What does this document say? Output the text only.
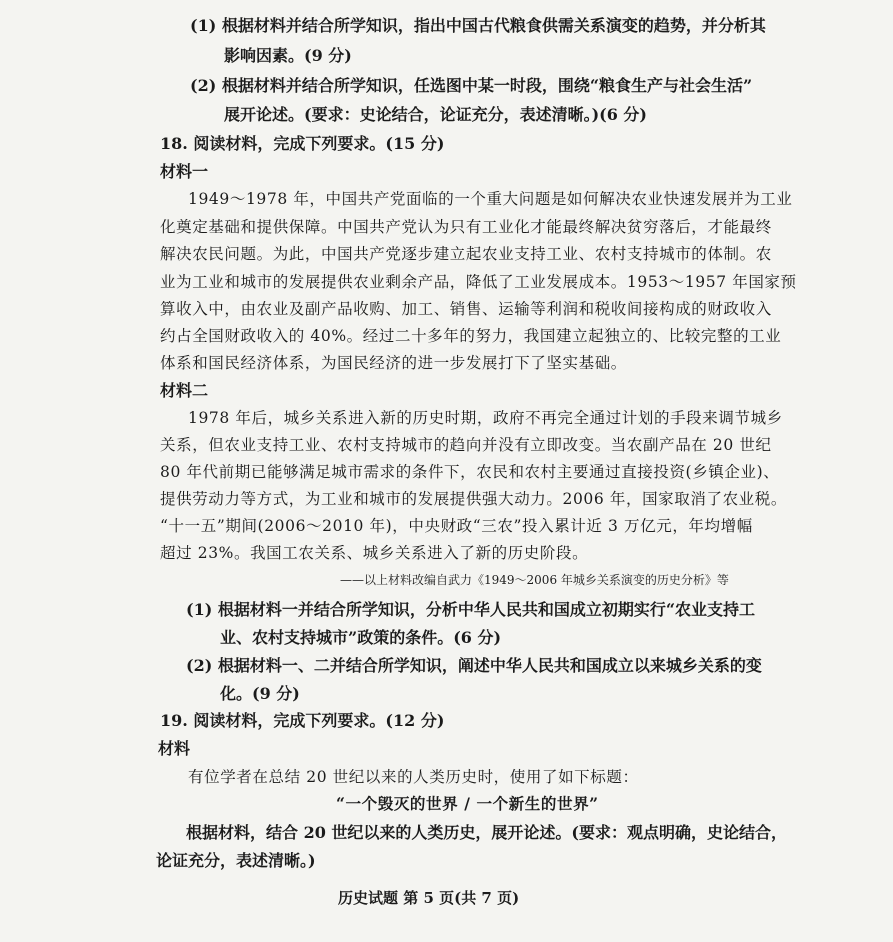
(1) 根据材料并结合所学知识，指出中国古代粮食供需关系演变的趋势，并分析其
影响因素。(9 分)
(2) 根据材料并结合所学知识，任选图中某一时段，围绕“粮食生产与社会生活”
展开论述。(要求：史论结合，论证充分，表述清晰。)(6 分)
18. 阅读材料，完成下列要求。(15 分)
材料一
1949～1978 年，中国共产党面临的一个重大问题是如何解决农业快速发展并为工业
化奠定基础和提供保障。中国共产党认为只有工业化才能最终解决贫穷落后，才能最终
解决农民问题。为此，中国共产党逐步建立起农业支持工业、农村支持城市的体制。农
业为工业和城市的发展提供农业剩余产品，降低了工业发展成本。1953～1957 年国家预
算收入中，由农业及副产品收购、加工、销售、运输等利润和税收间接构成的财政收入
约占全国财政收入的 40%。经过二十多年的努力，我国建立起独立的、比较完整的工业
体系和国民经济体系，为国民经济的进一步发展打下了坚实基础。
材料二
1978 年后，城乡关系进入新的历史时期，政府不再完全通过计划的手段来调节城乡
关系，但农业支持工业、农村支持城市的趋向并没有立即改变。当农副产品在 20 世纪
80 年代前期已能够满足城市需求的条件下，农民和农村主要通过直接投资(乡镇企业)、
提供劳动力等方式，为工业和城市的发展提供强大动力。2006 年，国家取消了农业税。
“十一五”期间(2006～2010 年)，中央财政“三农”投入累计近 3 万亿元，年均增幅
超过 23%。我国工农关系、城乡关系进入了新的历史阶段。
——以上材料改编自武力《1949～2006 年城乡关系演变的历史分析》等
(1) 根据材料一并结合所学知识，分析中华人民共和国成立初期实行“农业支持工
业、农村支持城市”政策的条件。(6 分)
(2) 根据材料一、二并结合所学知识，阐述中华人民共和国成立以来城乡关系的变
化。(9 分)
19. 阅读材料，完成下列要求。(12 分)
材料
有位学者在总结 20 世纪以来的人类历史时，使用了如下标题：
“一个毁灭的世界 / 一个新生的世界”
根据材料，结合 20 世纪以来的人类历史，展开论述。(要求：观点明确，史论结合，
论证充分，表述清晰。)
历史试题 第 5 页(共 7 页)
